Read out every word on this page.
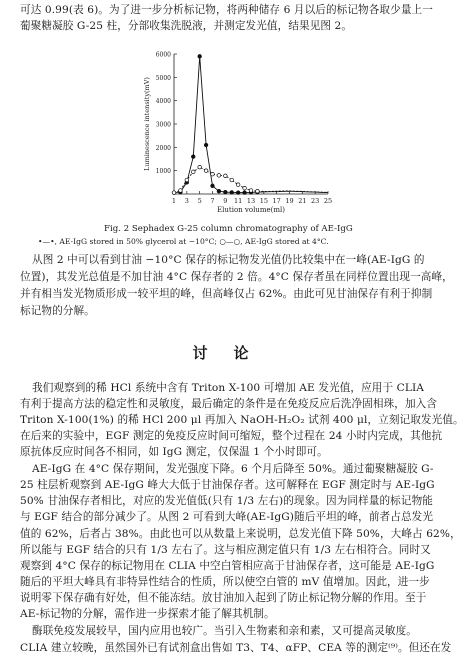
可达 0.99(表 6)。为了进一步分析标记物，将两种储存 6 月以后的标记物各取少量上一
葡聚糖凝胶 G-25 柱，分部收集洗脱液，并测定发光值，结果见图 2。
1000
2000
3000
4000
5000
6000
1 3 5 7 9 11 13 15 17 19 21 23 25
Elution volume(ml)
Luminescence intensity(mV)
Fig. 2 Sephadex G-25 column chromatography of AE-IgG
•—•, AE-IgG stored in 50% glycerol at −10°C; ○—○, AE-IgG stored at 4°C.
从图 2 中可以看到甘油 −10°C 保存的标记物发光值仍比较集中在一峰(AE-IgG 的
位置)，其发光总值是不加甘油 4°C 保存者的 2 倍。4°C 保存者虽在同样位置出现一高峰，
并有相当发光物质形成一较平坦的峰，但高峰仅占 62%。由此可见甘油保存有利于抑制
标记物的分解。
讨论
我们观察到的稀 HCl 系统中含有 Triton X-100 可增加 AE 发光值，应用于 CLIA
有利于提高方法的稳定性和灵敏度，最后确定的条件是在免疫反应后洗净固相珠，加入含
Triton X-100(1%) 的稀 HCl 200 μl 再加入 NaOH-H₂O₂ 试剂 400 μl，立刻记取发光值。
在后来的实验中，EGF 测定的免疫反应时间可缩短，整个过程在 24 小时内完成，其他抗
原抗体反应时间各不相同，如 IgG 测定，仅保温 1 个小时即可。
AE-IgG 在 4°C 保存期间，发光强度下降。6 个月后降至 50%。通过葡聚糖凝胶 G-
25 柱层析观察到 AE-IgG 峰大大低于甘油保存者。这可解释在 EGF 测定时与 AE-IgG
50% 甘油保存者相比，对应的发光值低(只有 1/3 左右)的现象。因为同样量的标记物能
与 EGF 结合的部分减少了。从图 2 可看到大峰(AE-IgG)随后平坦的峰，前者占总发光
值的 62%，后者占 38%。由此也可以从数量上来说明，总发光值下降 50%，大峰占 62%，
所以能与 EGF 结合的只有 1/3 左右了。这与相应测定值只有 1/3 左右相符合。同时又
观察到 4°C 保存的标记物用在 CLIA 中空白管相应高于甘油保存者，这可能是 AE-IgG
随后的平坦大峰具有非特异性结合的性质，所以使空白管的 mV 值增加。因此，进一步
说明零下保存确有好处，但不能冻结。放甘油加入起到了防止标记物分解的作用。至于
AE-标记物的分解，需作进一步探索才能了解其机制。
酶联免疫发展较早，国内应用也较广。当引入生物素和亲和素，又可提高灵敏度。
CLIA 建立较晚，虽然国外已有试剂盒出售如 T3、T4、αFP、CEA 等的测定⁽⁹⁾。但还在发
